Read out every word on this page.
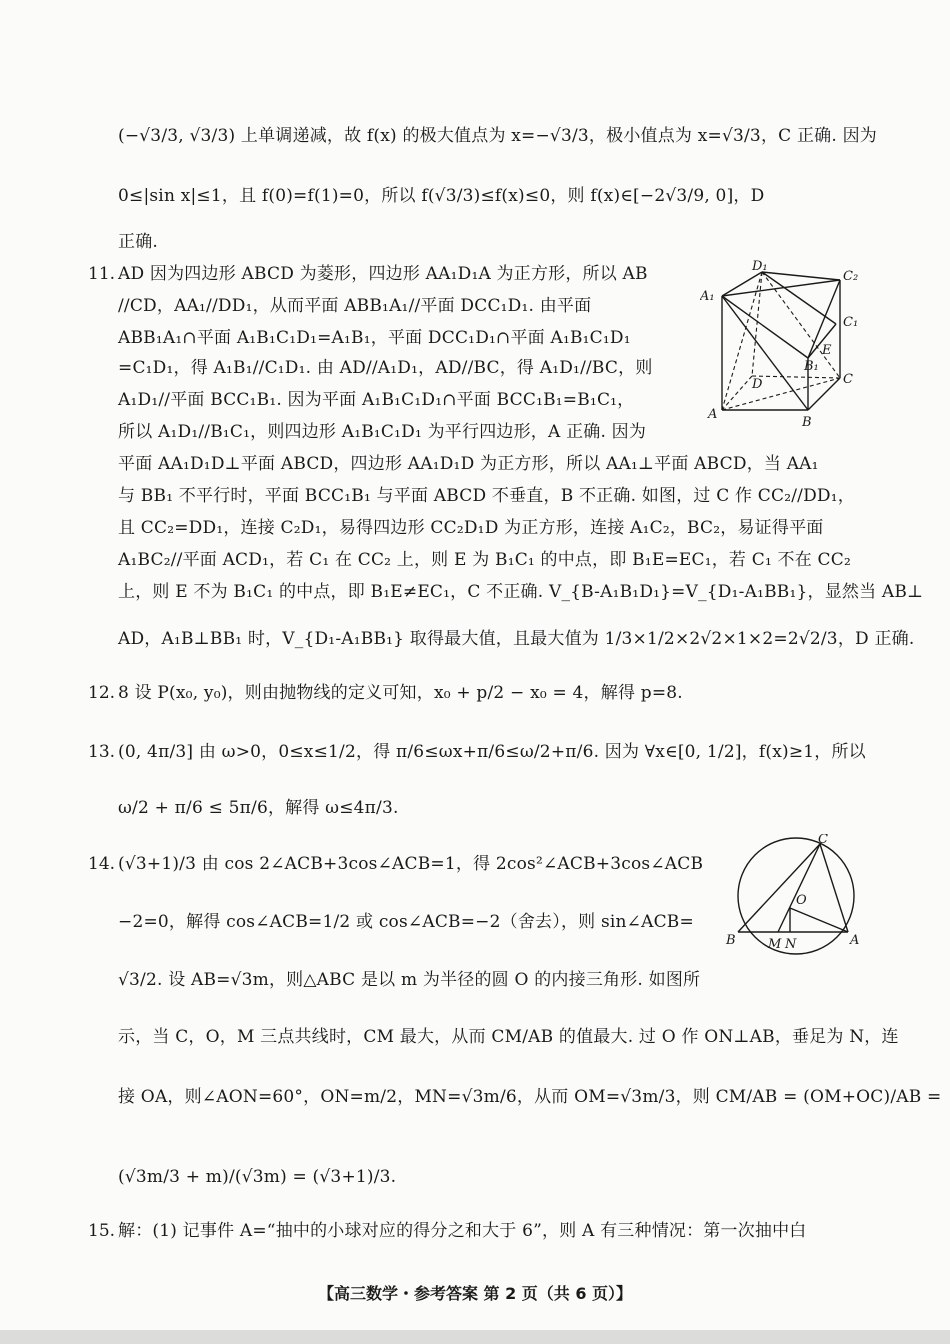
(−√3/3, √3/3) 上单调递减，故 f(x) 的极大值点为 x=−√3/3，极小值点为 x=√3/3，C 正确. 因为
0≤|sin x|≤1，且 f(0)=f(1)=0，所以 f(√3/3)≤f(x)≤0，则 f(x)∈[−2√3/9, 0]，D
正确.
11. AD 因为四边形 ABCD 为菱形，四边形 AA₁D₁A 为正方形，所以 AB
//CD，AA₁//DD₁，从而平面 ABB₁A₁//平面 DCC₁D₁. 由平面
ABB₁A₁∩平面 A₁B₁C₁D₁=A₁B₁，平面 DCC₁D₁∩平面 A₁B₁C₁D₁
=C₁D₁，得 A₁B₁//C₁D₁. 由 AD//A₁D₁，AD//BC，得 A₁D₁//BC，则
A₁D₁//平面 BCC₁B₁. 因为平面 A₁B₁C₁D₁∩平面 BCC₁B₁=B₁C₁，
所以 A₁D₁//B₁C₁，则四边形 A₁B₁C₁D₁ 为平行四边形，A 正确. 因为
平面 AA₁D₁D⊥平面 ABCD，四边形 AA₁D₁D 为正方形，所以 AA₁⊥平面 ABCD，当 AA₁
与 BB₁ 不平行时，平面 BCC₁B₁ 与平面 ABCD 不垂直，B 不正确. 如图，过 C 作 CC₂//DD₁，
且 CC₂=DD₁，连接 C₂D₁，易得四边形 CC₂D₁D 为正方形，连接 A₁C₂，BC₂，易证得平面
A₁BC₂//平面 ACD₁，若 C₁ 在 CC₂ 上，则 E 为 B₁C₁ 的中点，即 B₁E=EC₁，若 C₁ 不在 CC₂
上，则 E 不为 B₁C₁ 的中点，即 B₁E≠EC₁，C 不正确. V_{B-A₁B₁D₁}=V_{D₁-A₁BB₁}，显然当 AB⊥
AD，A₁B⊥BB₁ 时，V_{D₁-A₁BB₁} 取得最大值，且最大值为 1/3×1/2×2√2×1×2=2√2/3，D 正确.
D₁
C₂
A₁
C₁
E
B₁
C
D
A
B
12. 8 设 P(x₀, y₀)，则由抛物线的定义可知，x₀ + p/2 − x₀ = 4，解得 p=8.
13. (0, 4π/3] 由 ω>0，0≤x≤1/2，得 π/6≤ωx+π/6≤ω/2+π/6. 因为 ∀x∈[0, 1/2]，f(x)≥1，所以
ω/2 + π/6 ≤ 5π/6，解得 ω≤4π/3.
14. (√3+1)/3 由 cos 2∠ACB+3cos∠ACB=1，得 2cos²∠ACB+3cos∠ACB
−2=0，解得 cos∠ACB=1/2 或 cos∠ACB=−2（舍去），则 sin∠ACB=
√3/2. 设 AB=√3m，则△ABC 是以 m 为半径的圆 O 的内接三角形. 如图所
示，当 C，O，M 三点共线时，CM 最大，从而 CM/AB 的值最大. 过 O 作 ON⊥AB，垂足为 N，连
接 OA，则∠AON=60°，ON=m/2，MN=√3m/6，从而 OM=√3m/3，则 CM/AB = (OM+OC)/AB =
(√3m/3 + m)/(√3m) = (√3+1)/3.
C
O
B M N	A
15. 解：(1) 记事件 A=“抽中的小球对应的得分之和大于 6”，则 A 有三种情况：第一次抽中白
【高三数学・参考答案 第 2 页（共 6 页）】
